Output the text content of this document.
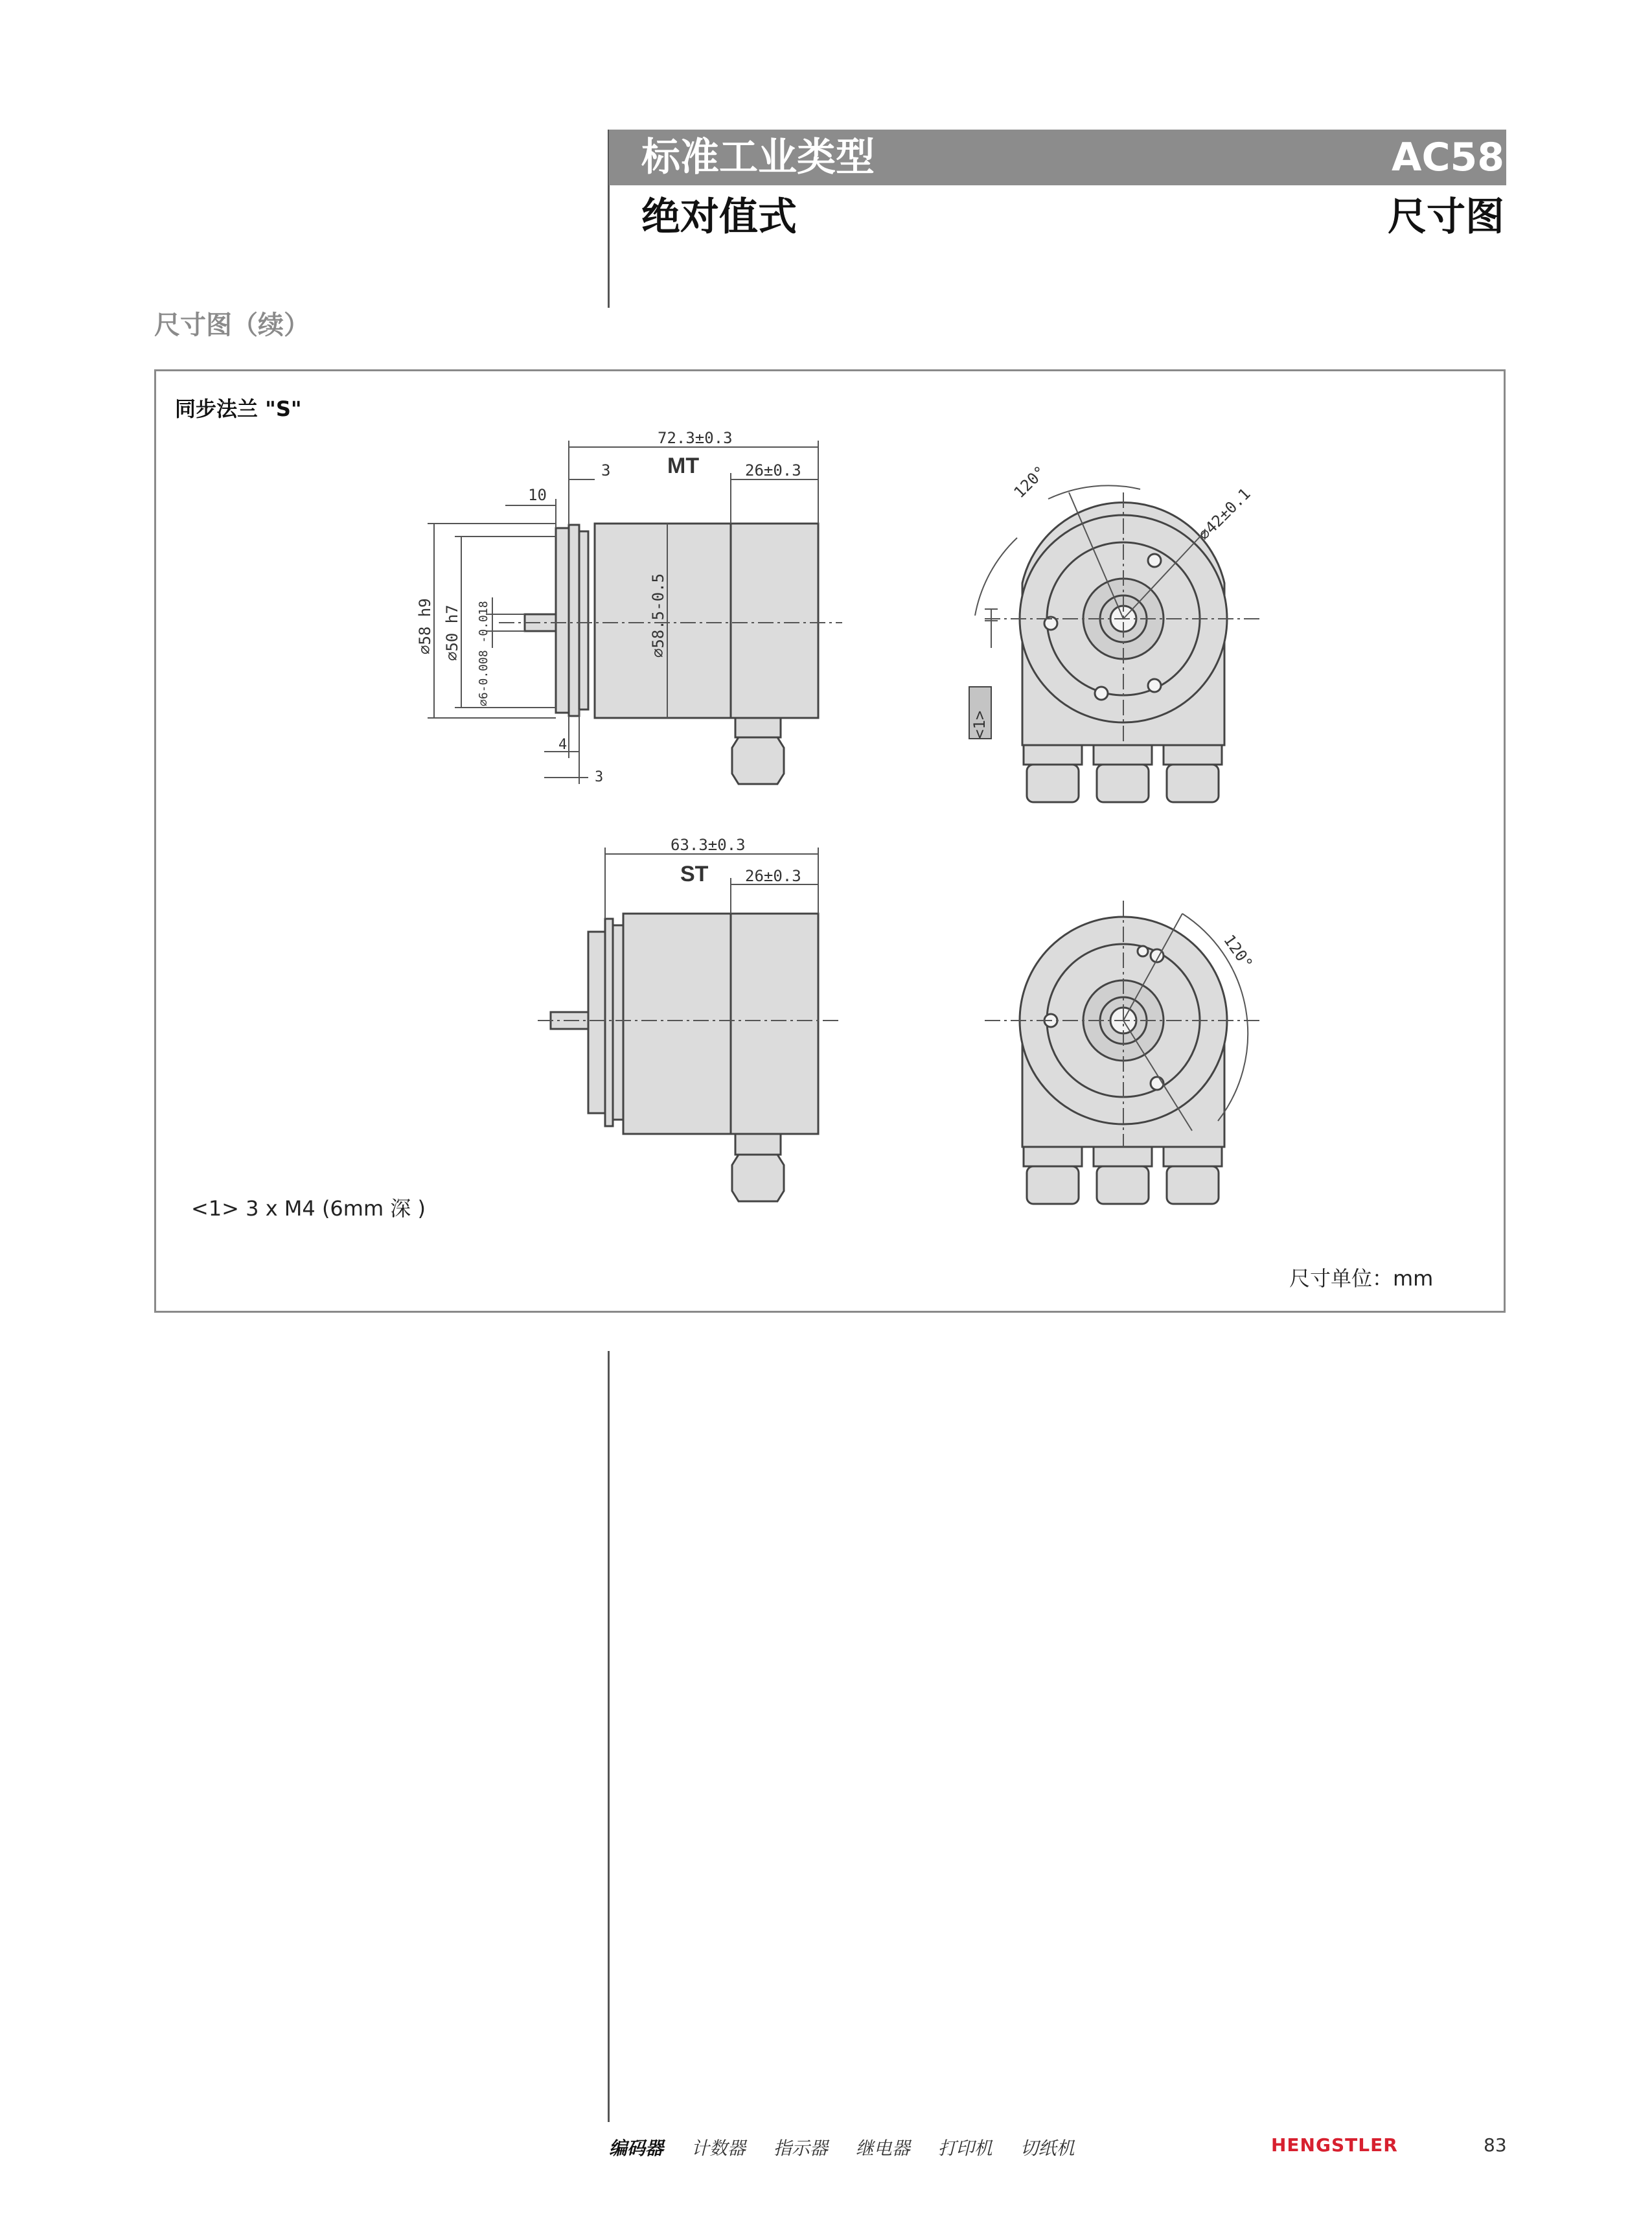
标准工业类型	AC58
绝对值式	尺寸图
尺寸图（续）
同步法兰 "S"
72.3±0.3
MT	26±0.3
3
10
4
3
⌀58 h9 ⌀50 h7 ⌀6-0.008 -0.018	⌀58.5-0.5
63.3±0.3
ST 26±0.3
120°
⌀42±0.1
120°
<1>
<1> 3 x M4 (6mm 深 )
尺寸单位：mm
编码器 计数器 指示器 继电器 打印机 切纸机	HENGSTLER	83
